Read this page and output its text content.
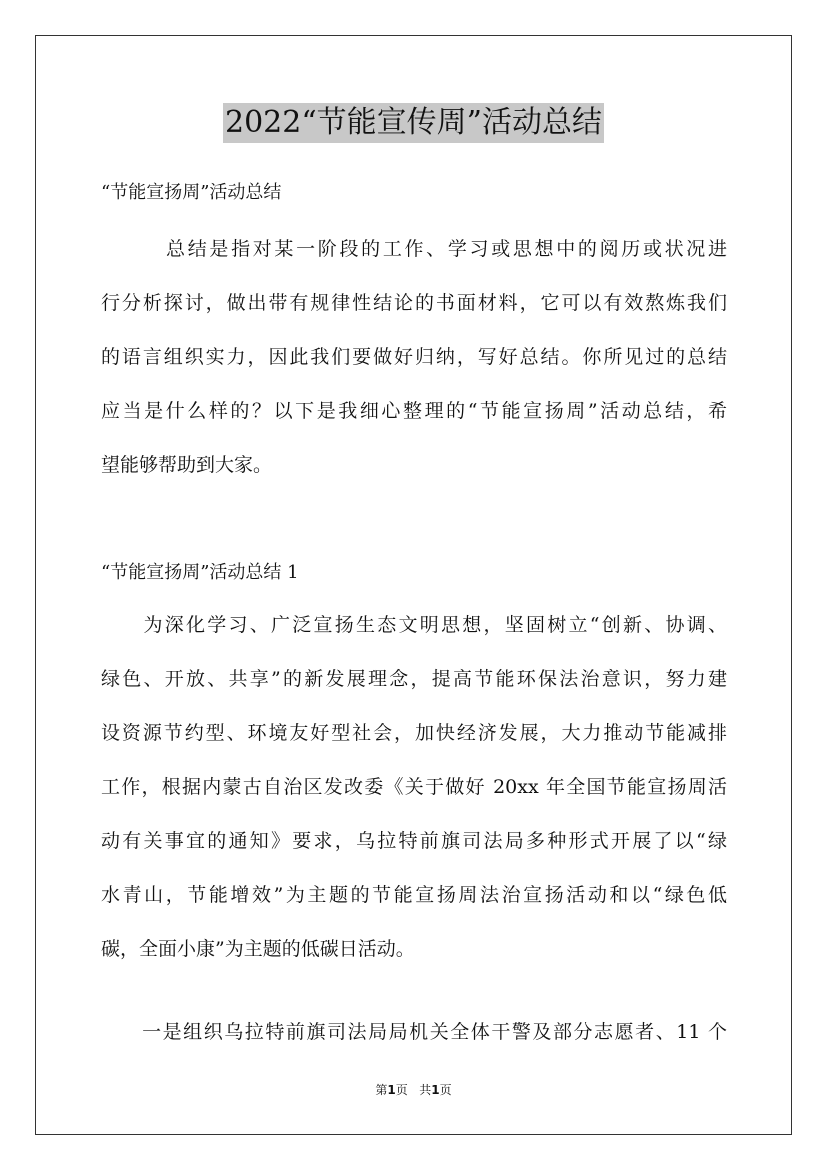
2022“节能宣传周”活动总结
“节能宣扬周”活动总结
　　　总结是指对某一阶段的工作、学习或思想中的阅历或状况进
行分析探讨，做出带有规律性结论的书面材料，它可以有效熬炼我们
的语言组织实力，因此我们要做好归纳，写好总结。你所见过的总结
应当是什么样的？以下是我细心整理的“节能宣扬周”活动总结，希
望能够帮助到大家。
“节能宣扬周”活动总结 1
　　为深化学习、广泛宣扬生态文明思想，坚固树立“创新、协调、
绿色、开放、共享”的新发展理念，提高节能环保法治意识，努力建
设资源节约型、环境友好型社会，加快经济发展，大力推动节能减排
工作，根据内蒙古自治区发改委《关于做好 20xx 年全国节能宣扬周活
动有关事宜的通知》要求，乌拉特前旗司法局多种形式开展了以“绿
水青山，节能增效”为主题的节能宣扬周法治宣扬活动和以“绿色低
碳，全面小康”为主题的低碳日活动。
　　一是组织乌拉特前旗司法局局机关全体干警及部分志愿者、11 个
第1页 共1页
